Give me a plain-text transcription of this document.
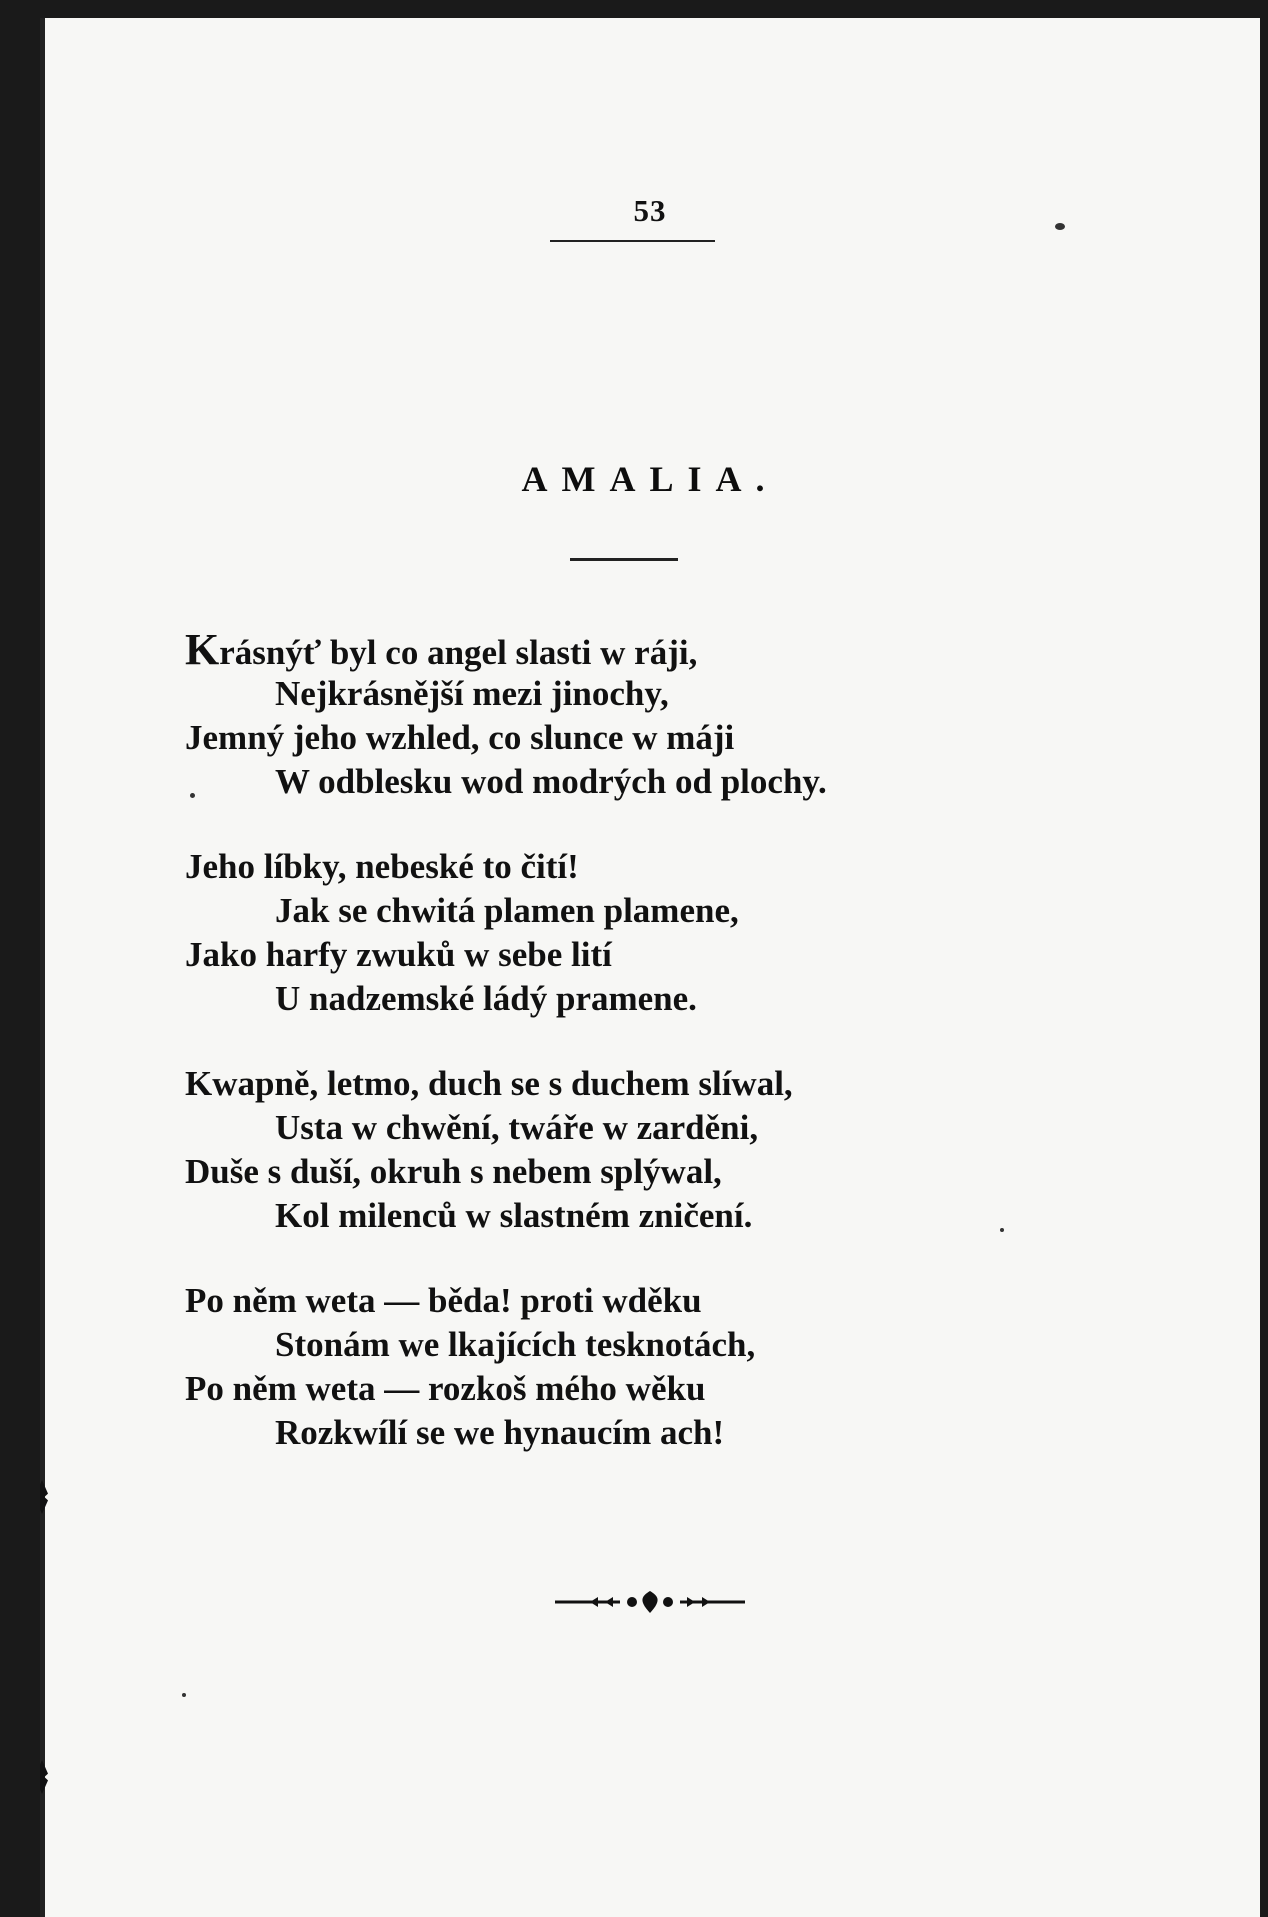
53
AMALIA.
Krásnýť byl co angel slasti w ráji,
Nejkrásnější mezi jinochy,
Jemný jeho wzhled, co slunce w máji
W odblesku wod modrých od plochy.
Jeho líbky, nebeské to čití!
Jak se chwitá plamen plamene,
Jako harfy zwuků w sebe lití
U nadzemské ládý pramene.
Kwapně, letmo, duch se s duchem slíwal,
Usta w chwění, twáře w zarděni,
Duše s duší, okruh s nebem splýwal,
Kol milenců w slastném zničení.
Po něm weta — běda! proti wděku
Stonám we lkajících tesknotách,
Po něm weta — rozkoš mého wěku
Rozkwílí se we hynaucím ach!
